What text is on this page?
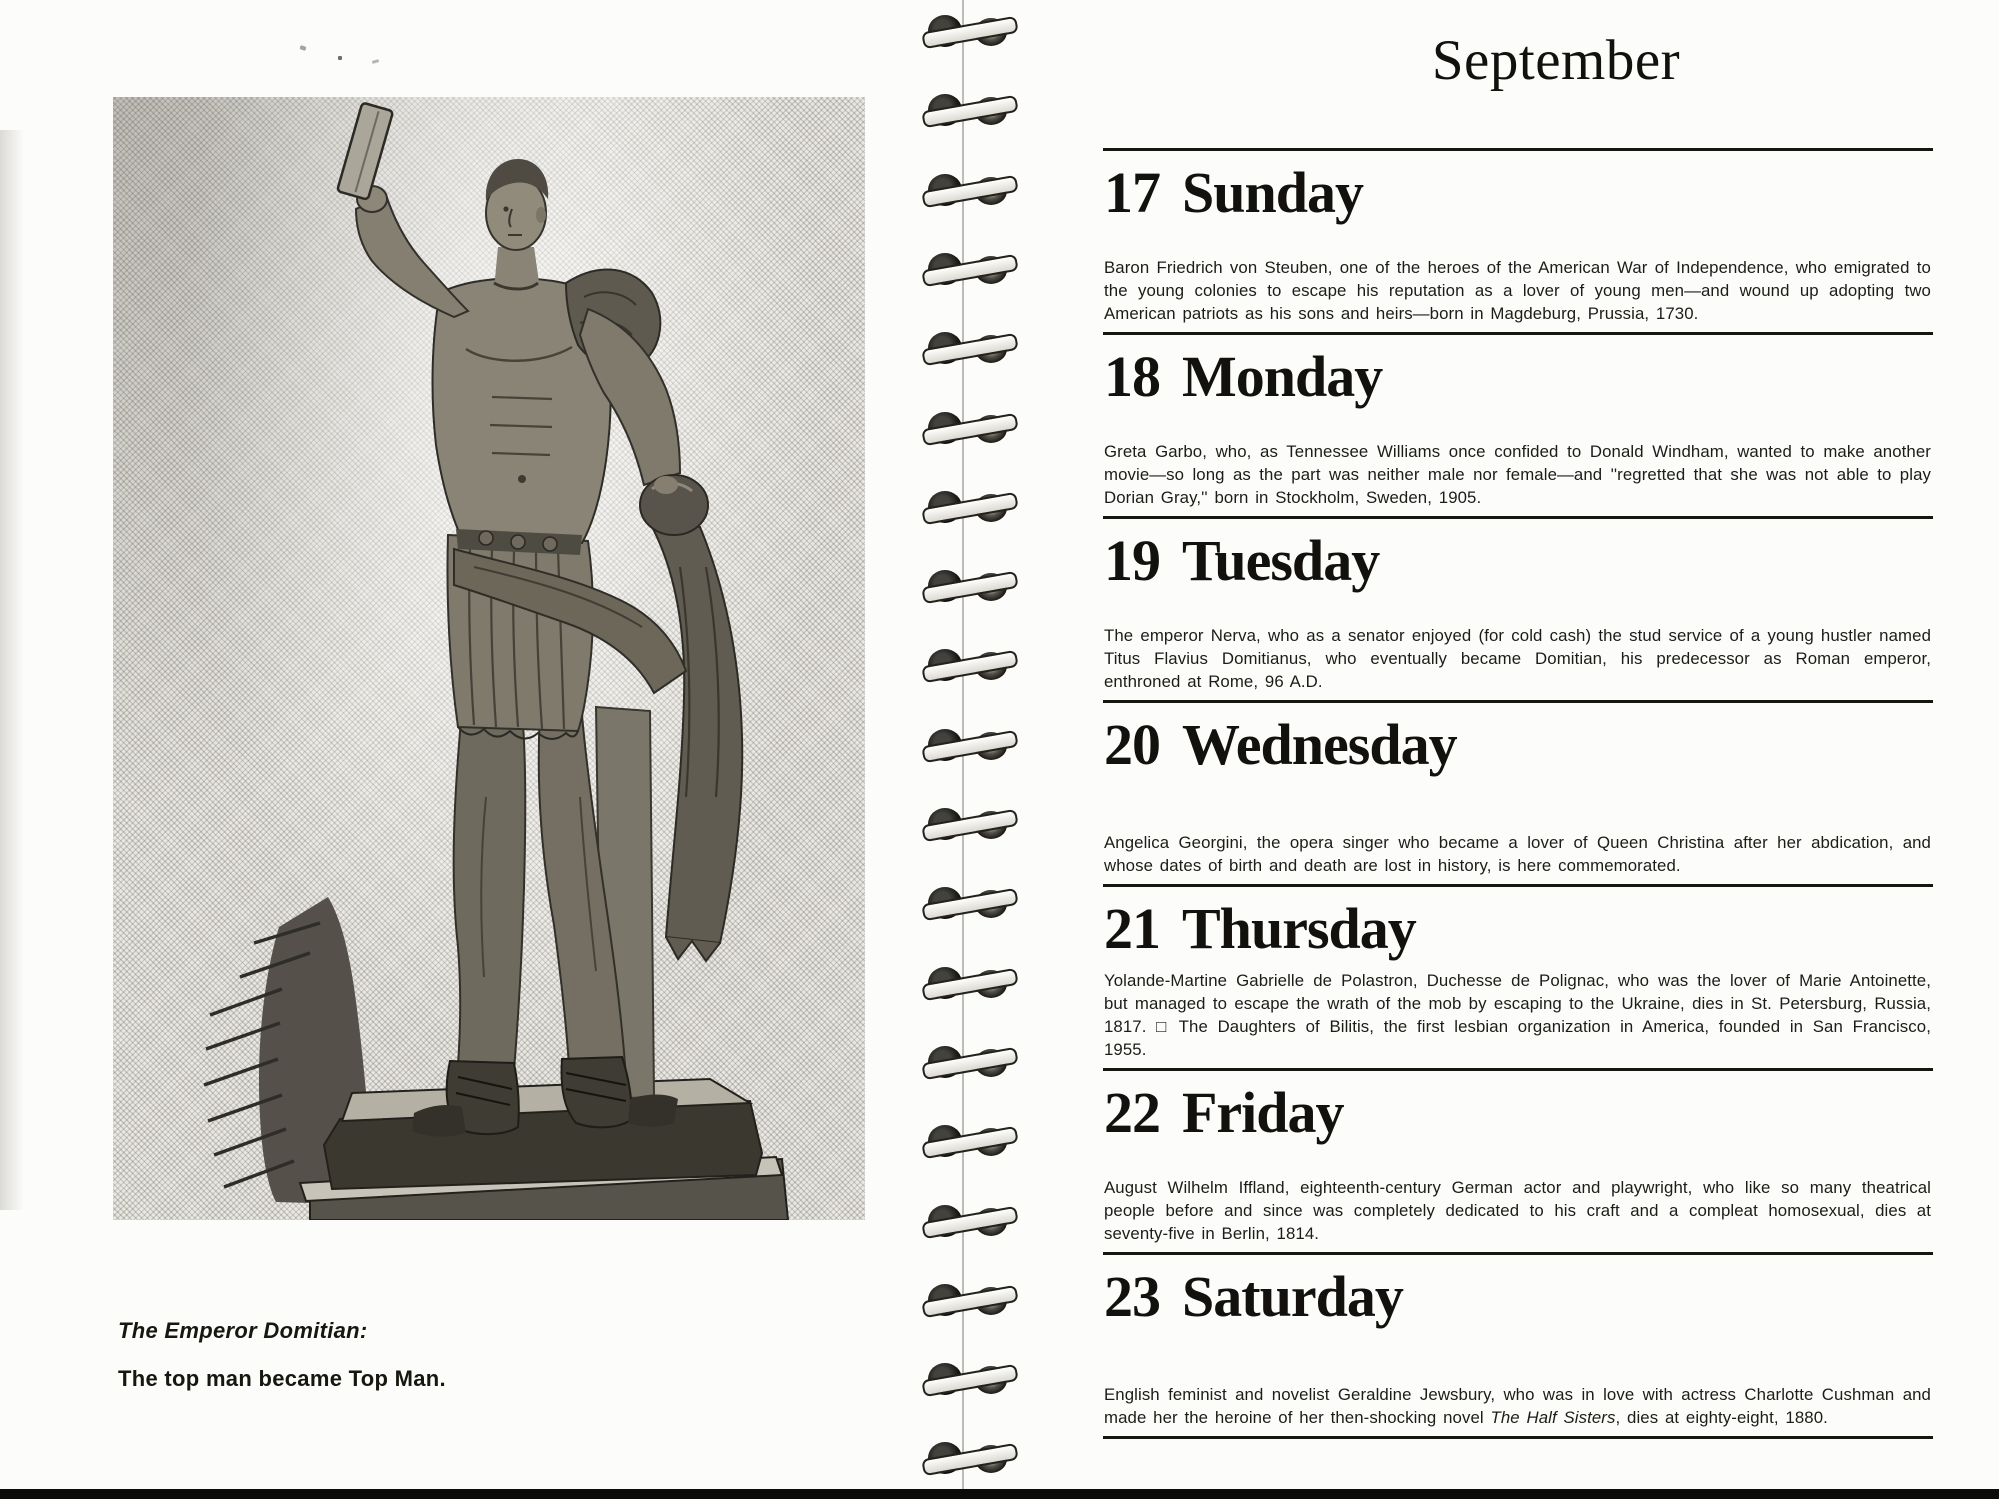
The Emperor Domitian:
The top man became Top Man.
September
17 Sunday

Baron Friedrich von Steuben, one of the heroes of the American War of Independence, who emigrated to the young colonies to escape his reputation as a lover of young men—and wound up adopting two American patriots as his sons and heirs—born in Magdeburg, Prussia, 1730.

18 Monday

Greta Garbo, who, as Tennessee Williams once confided to Donald Windham, wanted to make another movie—so long as the part was neither male nor female—and ''regretted that she was not able to play Dorian Gray,'' born in Stockholm, Sweden, 1905.

19 Tuesday

The emperor Nerva, who as a senator enjoyed (for cold cash) the stud service of a young hustler named Titus Flavius Domitianus, who eventually became Domitian, his predecessor as Roman emperor, enthroned at Rome, 96 A.D.

20 Wednesday

Angelica Georgini, the opera singer who became a lover of Queen Christina after her abdication, and whose dates of birth and death are lost in history, is here commemorated.

21 Thursday

Yolande-Martine Gabrielle de Polastron, Duchesse de Polignac, who was the lover of Marie Antoinette, but managed to escape the wrath of the mob by escaping to the Ukraine, dies in St. Petersburg, Russia, 1817. □ The Daughters of Bilitis, the first lesbian organization in America, founded in San Francisco, 1955.

22 Friday

August Wilhelm Iffland, eighteenth-century German actor and playwright, who like so many theatrical people before and since was completely dedicated to his craft and a compleat homosexual, dies at seventy-five in Berlin, 1814.

23 Saturday

English feminist and novelist Geraldine Jewsbury, who was in love with actress Charlotte Cushman and made her the heroine of her then-shocking novel The Half Sisters, dies at eighty-eight, 1880.
